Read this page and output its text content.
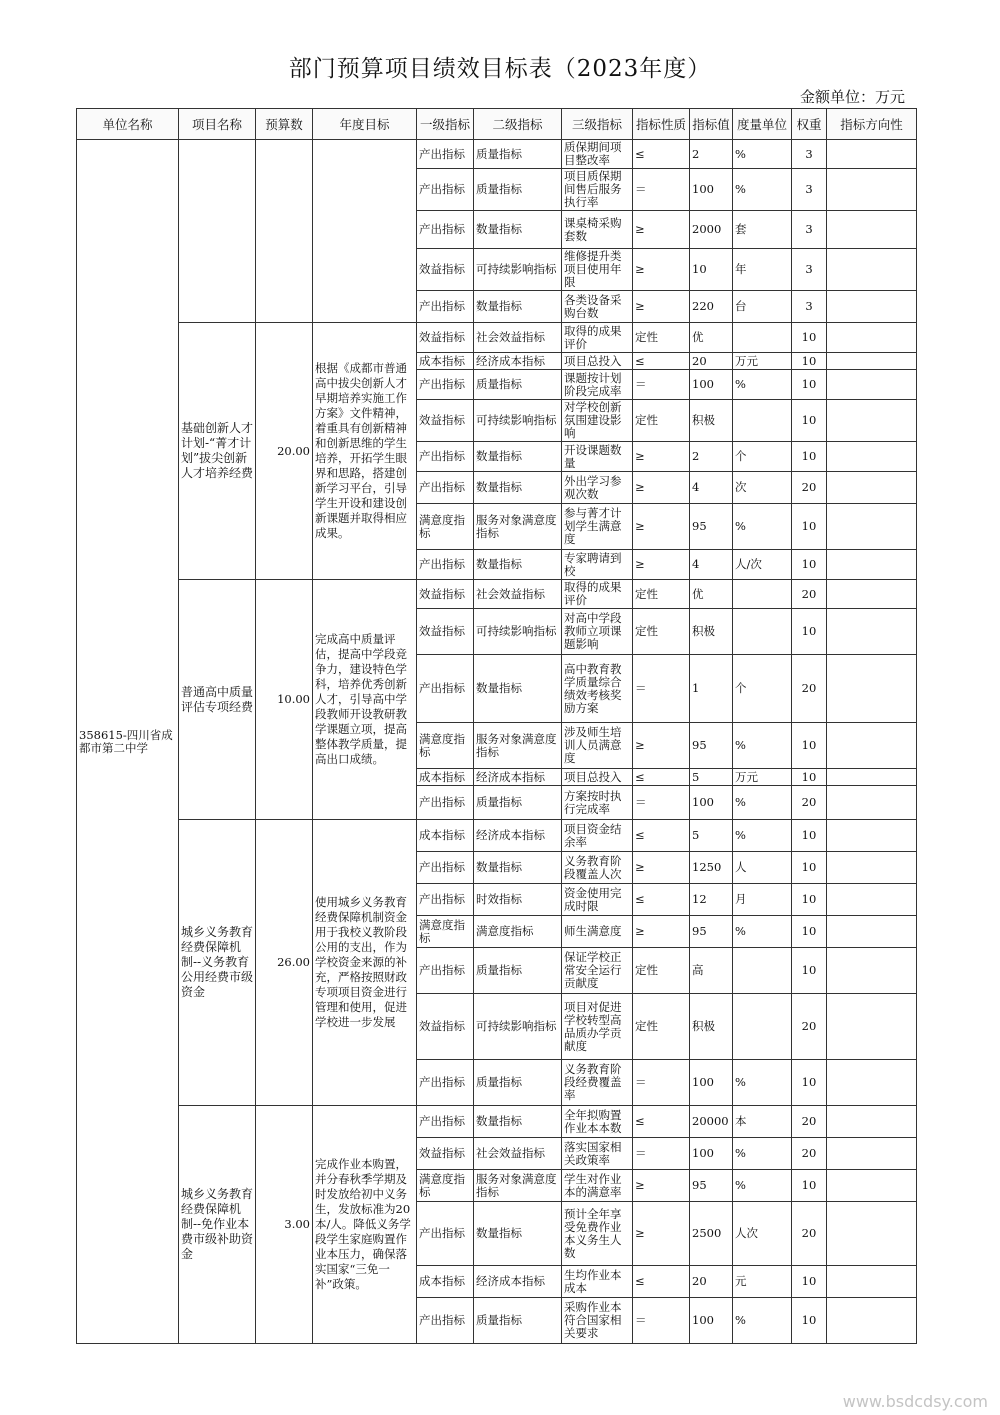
部门预算项目绩效目标表（2023年度）
金额单位：万元
单位名称	项目名称	预算数	年度目标	一级指标	二级指标	三级指标	指标性质	指标值	度量单位	权重	指标方向性
358615-四川省成都市第二中学				产出指标	质量指标	质保期间项目整改率	≤	2	%	3	
				产出指标	质量指标	项目质保期间售后服务执行率	＝	100	%	3	
				产出指标	数量指标	课桌椅采购套数	≥	2000	套	3	
				效益指标	可持续影响指标	维修提升类项目使用年限	≥	10	年	3	
				产出指标	数量指标	各类设备采购台数	≥	220	台	3	
	基础创新人才计划-“菁才计划”拔尖创新人才培养经费	20.00	根据《成都市普通高中拔尖创新人才早期培养实施工作方案》文件精神，着重具有创新精神和创新思维的学生培养，开拓学生眼界和思路，搭建创新学习平台，引导学生开设和建设创新课题并取得相应成果。	效益指标	社会效益指标	取得的成果评价	定性	优		10	
				成本指标	经济成本指标	项目总投入	≤	20	万元	10	
				产出指标	质量指标	课题按计划阶段完成率	＝	100	%	10	
				效益指标	可持续影响指标	对学校创新氛围建设影响	定性	积极		10	
				产出指标	数量指标	开设课题数量	≥	2	个	10	
				产出指标	数量指标	外出学习参观次数	≥	4	次	20	
				满意度指标	服务对象满意度指标	参与菁才计划学生满意度	≥	95	%	10	
				产出指标	数量指标	专家聘请到校	≥	4	人/次	10	
	普通高中质量评估专项经费	10.00	完成高中质量评估，提高中学段竞争力，建设特色学科，培养优秀创新人才，引导高中学段教师开设教研教学课题立项，提高整体教学质量，提高出口成绩。	效益指标	社会效益指标	取得的成果评价	定性	优		20	
				效益指标	可持续影响指标	对高中学段教师立项课题影响	定性	积极		10	
				产出指标	数量指标	高中教育教学质量综合绩效考核奖励方案	＝	1	个	20	
				满意度指标	服务对象满意度指标	涉及师生培训人员满意度	≥	95	%	10	
				成本指标	经济成本指标	项目总投入	≤	5	万元	10	
				产出指标	质量指标	方案按时执行完成率	＝	100	%	20	
	城乡义务教育经费保障机制--义务教育公用经费市级资金	26.00	使用城乡义务教育经费保障机制资金用于我校义教阶段公用的支出，作为学校资金来源的补充，严格按照财政专项项目资金进行管理和使用，促进学校进一步发展	成本指标	经济成本指标	项目资金结余率	≤	5	%	10	
				产出指标	数量指标	义务教育阶段覆盖人次	≥	1250	人	10	
				产出指标	时效指标	资金使用完成时限	≤	12	月	10	
				满意度指标	满意度指标	师生满意度	≥	95	%	10	
				产出指标	质量指标	保证学校正常安全运行贡献度	定性	高		10	
				效益指标	可持续影响指标	项目对促进学校转型高品质办学贡献度	定性	积极		20	
				产出指标	质量指标	义务教育阶段经费覆盖率	＝	100	%	10	
	城乡义务教育经费保障机制--免作业本费市级补助资金	3.00	完成作业本购置，并分春秋季学期及时发放给初中义务生，发放标准为20本/人。降低义务学段学生家庭购置作业本压力，确保落实国家“三免一补”政策。	产出指标	数量指标	全年拟购置作业本本数	≤	20000	本	20	
				效益指标	社会效益指标	落实国家相关政策率	＝	100	%	20	
				满意度指标	服务对象满意度指标	学生对作业本的满意率	≥	95	%	10	
				产出指标	数量指标	预计全年享受免费作业本义务生人数	≥	2500	人次	20	
				成本指标	经济成本指标	生均作业本成本	≤	20	元	10	
				产出指标	质量指标	采购作业本符合国家相关要求	＝	100	%	10	
www.bsdcdsy.com
